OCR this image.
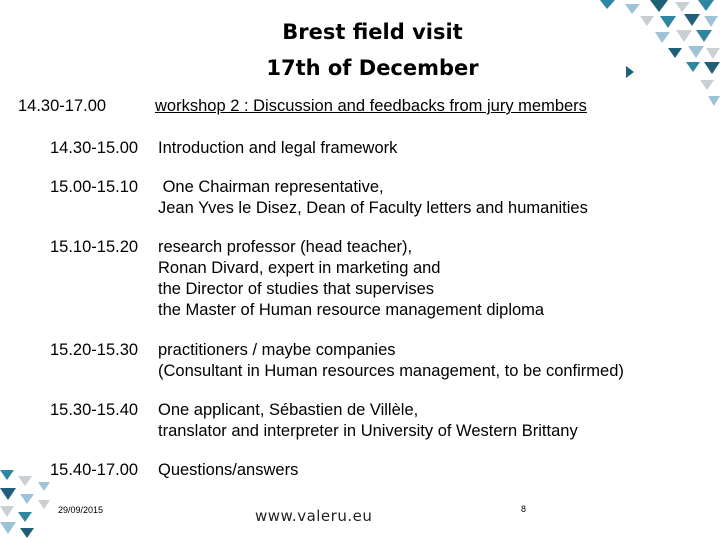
Brest field visit
17th of December
14.30-17.00	workshop 2 : Discussion and feedbacks from jury members
14.30-15.00 Introduction and legal framework
15.00-15.10 One Chairman representative,
Jean Yves le Disez, Dean of Faculty letters and humanities
15.10-15.20 research professor (head teacher),
Ronan Divard, expert in marketing and
the Director of studies that supervises
the Master of Human resource management diploma
15.20-15.30 practitioners / maybe companies
(Consultant in Human resources management, to be confirmed)
15.30-15.40 One applicant, Sébastien de Villèle,
translator and interpreter in University of Western Brittany
15.40-17.00 Questions/answers
29/09/2015	www.valeru.eu	8
